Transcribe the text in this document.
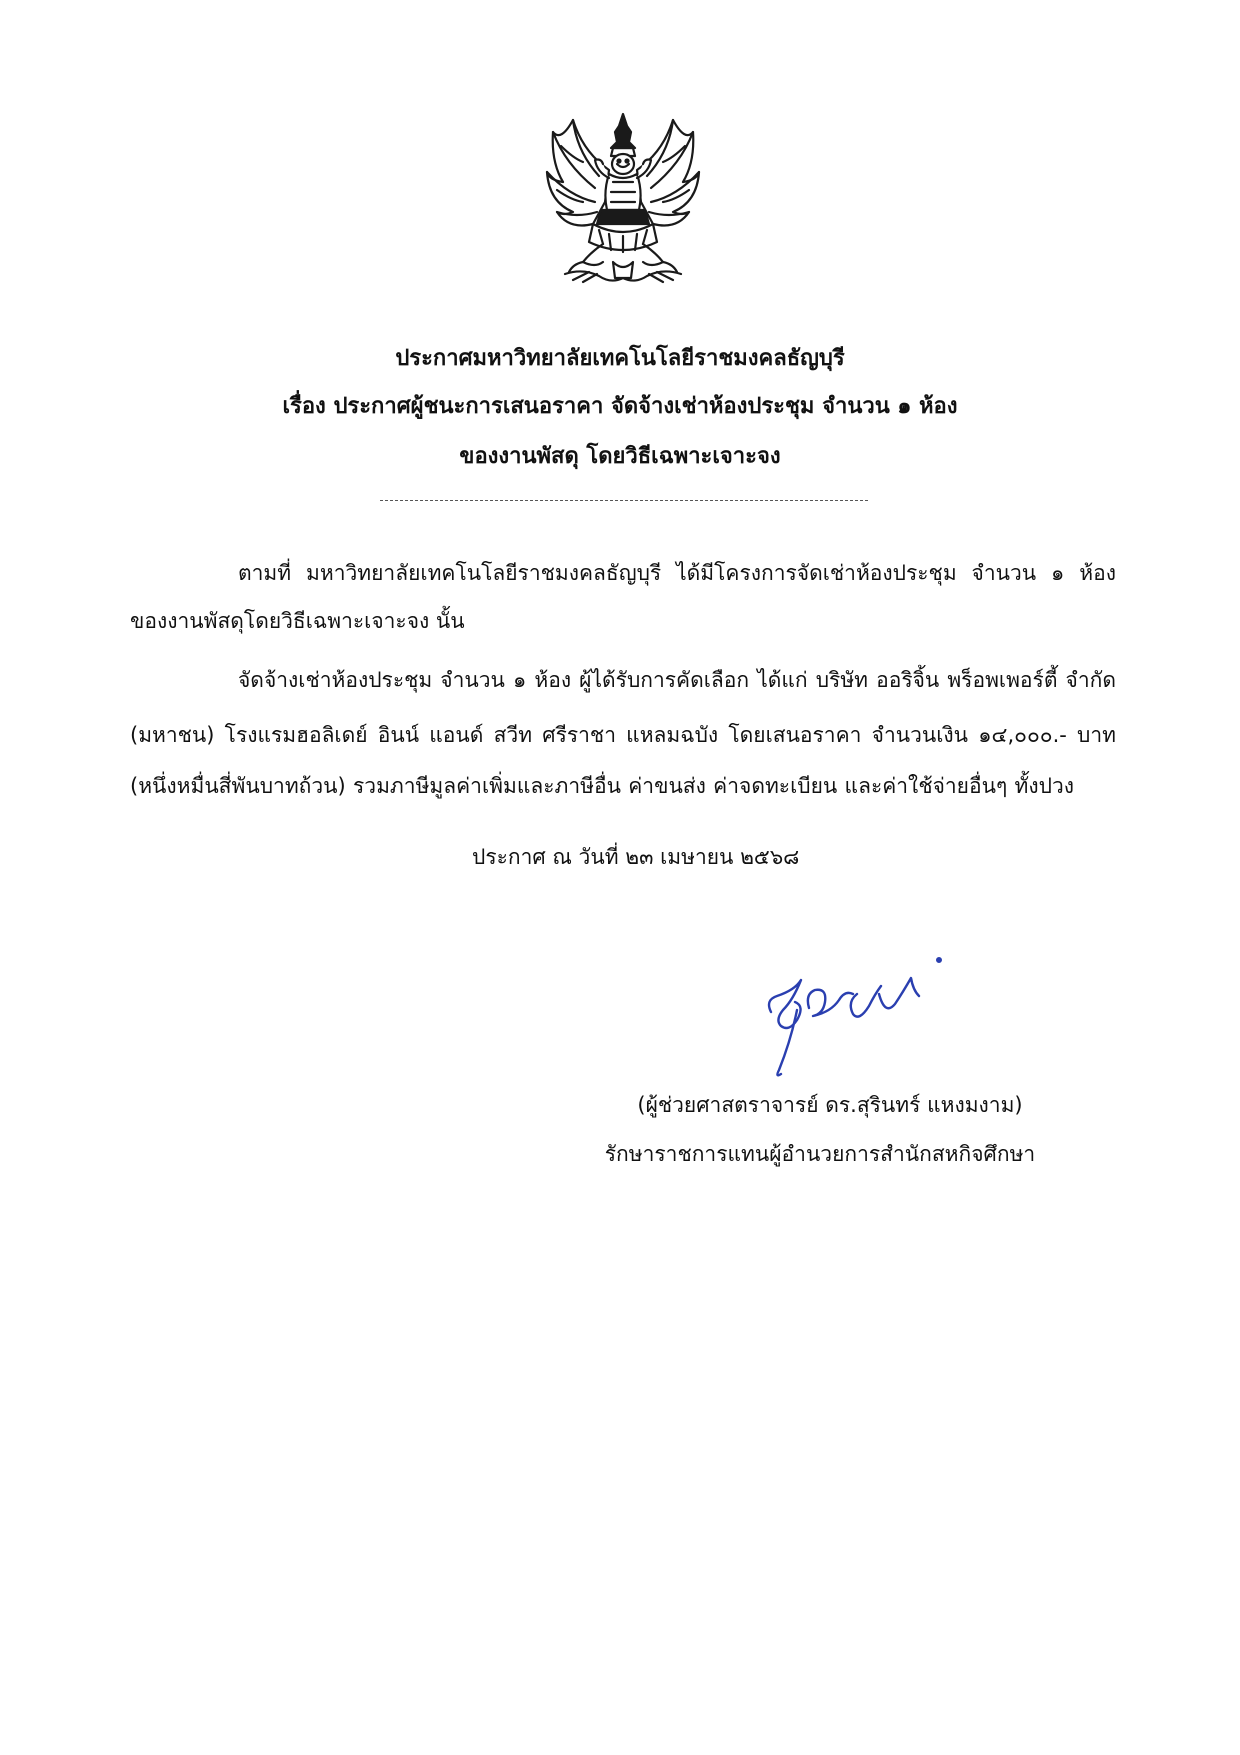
ประกาศมหาวิทยาลัยเทคโนโลยีราชมงคลธัญบุรี
เรื่อง ประกาศผู้ชนะการเสนอราคา จัดจ้างเช่าห้องประชุม จำนวน ๑ ห้อง
ของงานพัสดุ โดยวิธีเฉพาะเจาะจง
ตามที่ มหาวิทยาลัยเทคโนโลยีราชมงคลธัญบุรี ได้มีโครงการจัดเช่าห้องประชุม จำนวน ๑ ห้อง
ของงานพัสดุโดยวิธีเฉพาะเจาะจง นั้น
จัดจ้างเช่าห้องประชุม จำนวน ๑ ห้อง ผู้ได้รับการคัดเลือก ได้แก่ บริษัท ออริจิ้น พร็อพเพอร์ตี้ จำกัด
(มหาชน) โรงแรมฮอลิเดย์ อินน์ แอนด์ สวีท ศรีราชา แหลมฉบัง โดยเสนอราคา จำนวนเงิน ๑๔,๐๐๐.- บาท
(หนึ่งหมื่นสี่พันบาทถ้วน) รวมภาษีมูลค่าเพิ่มและภาษีอื่น ค่าขนส่ง ค่าจดทะเบียน และค่าใช้จ่ายอื่นๆ ทั้งปวง
ประกาศ ณ วันที่ ๒๓ เมษายน ๒๕๖๘
(ผู้ช่วยศาสตราจารย์ ดร.สุรินทร์ แหงมงาม)
รักษาราชการแทนผู้อำนวยการสำนักสหกิจศึกษา
